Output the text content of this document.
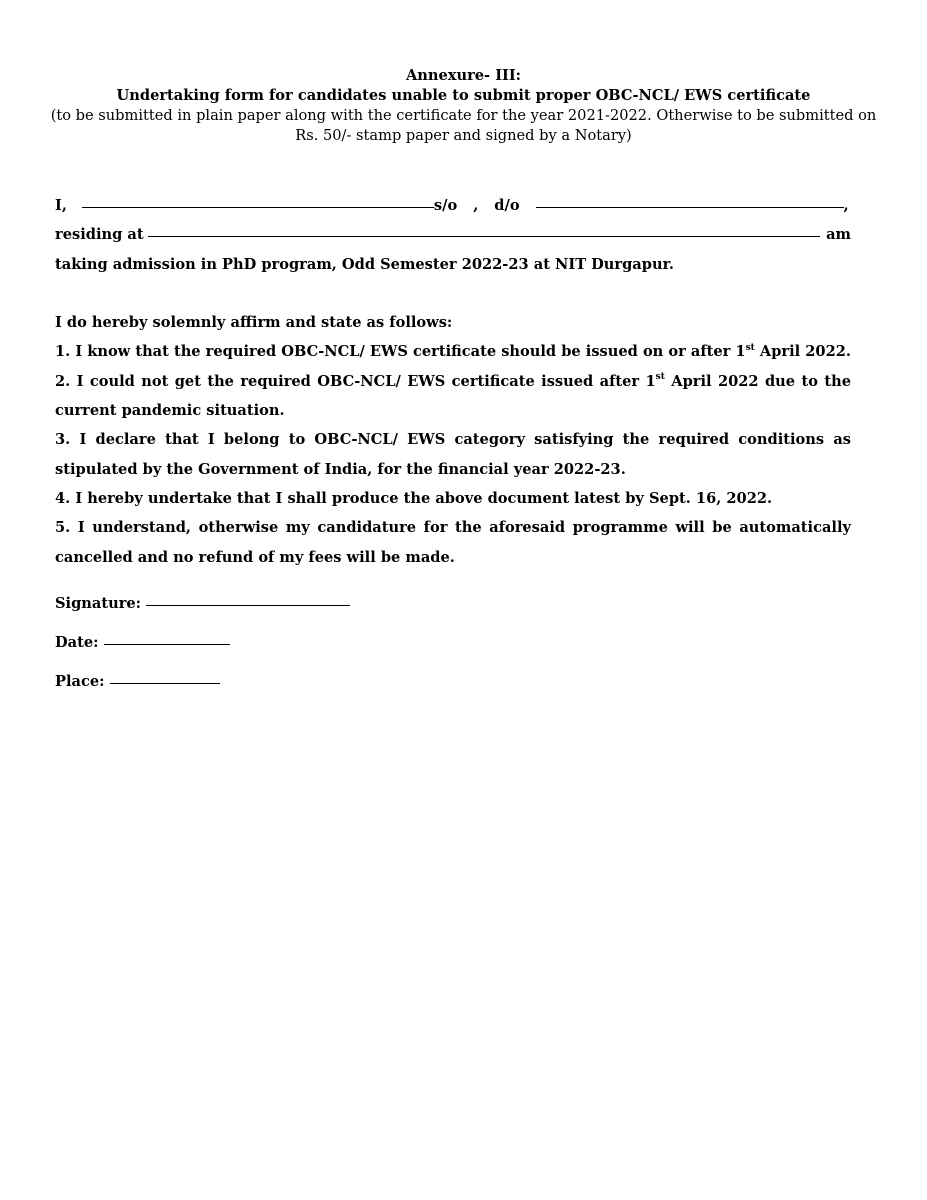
Annexure- III:
Undertaking form for candidates unable to submit proper OBC-NCL/ EWS certificate
(to be submitted in plain paper along with the certificate for the year 2021-2022. Otherwise to be submitted on
Rs. 50/- stamp paper and signed by a Notary)
I,	s/o , d/o	,
residing at	am
taking admission in PhD program, Odd Semester 2022-23 at NIT Durgapur.
I do hereby solemnly affirm and state as follows:
1. I know that the required OBC-NCL/ EWS certificate should be issued on or after 1st April 2022.
2. I could not get the required OBC-NCL/ EWS certificate issued after 1st April 2022 due to the current pandemic situation.
3. I declare that I belong to OBC-NCL/ EWS category satisfying the required conditions as stipulated by the Government of India, for the financial year 2022-23.
4. I hereby undertake that I shall produce the above document latest by Sept. 16, 2022.
5. I understand, otherwise my candidature for the aforesaid programme will be automatically cancelled and no refund of my fees will be made.
Signature:
Date:
Place:
